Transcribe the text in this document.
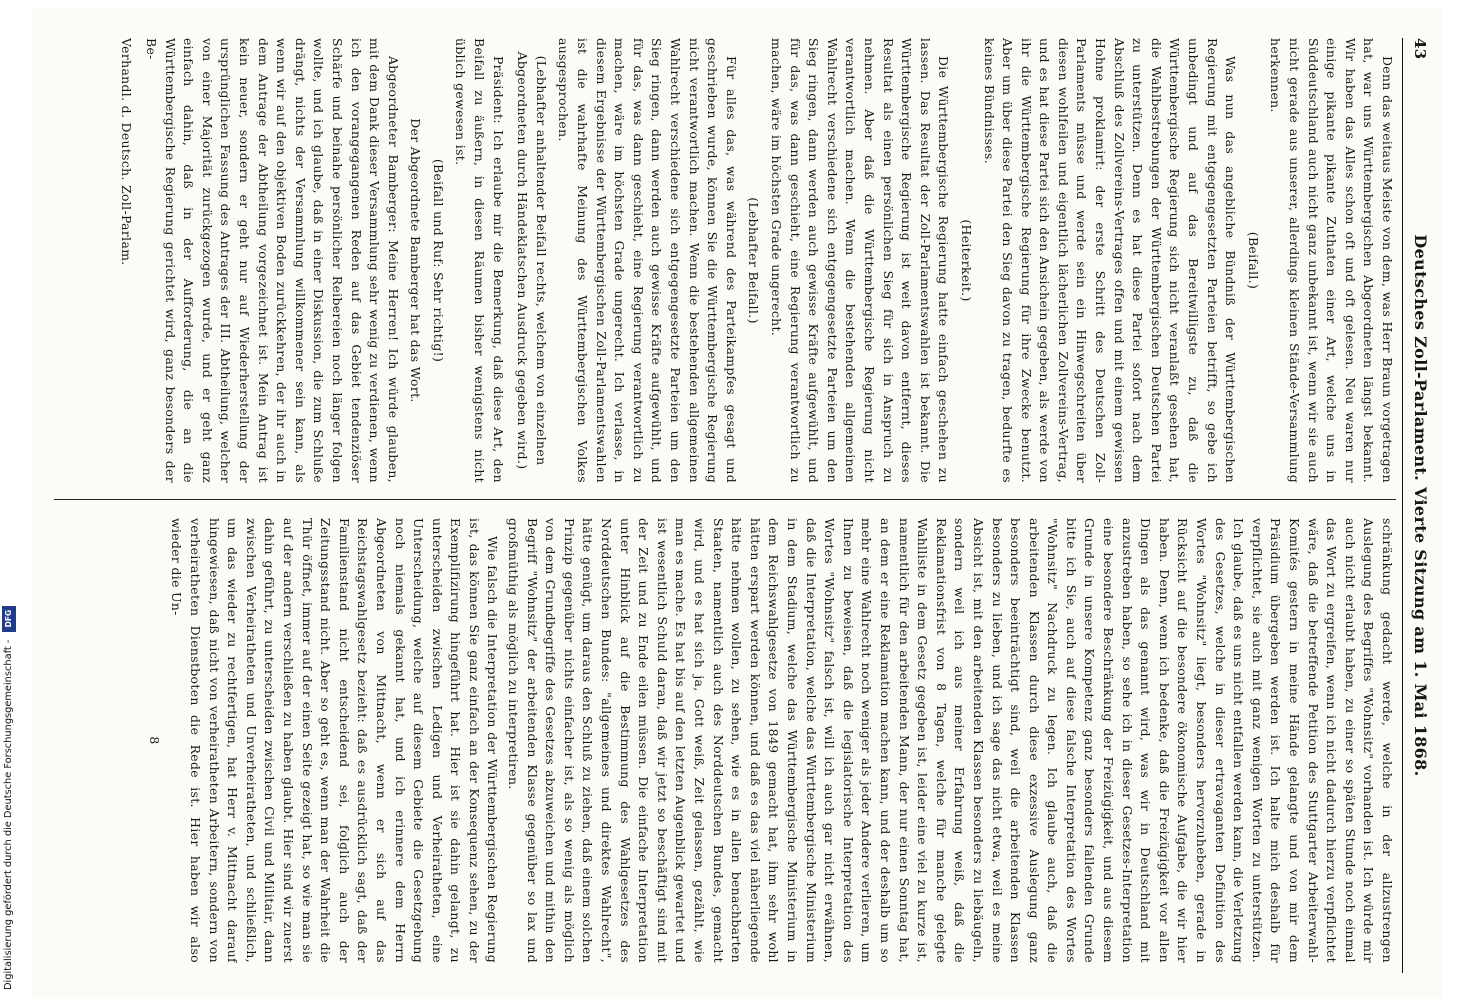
43
Deutsches Zoll-Parlament. Vierte Sitzung am 1. Mai 1868.

Denn das weitaus Meiste von dem, was Herr Braun vorgetragen hat, war uns Württembergischen Abgeordneten längst bekannt. Wir haben das Alles schon oft und oft gelesen. Neu waren nur einige pikante pikante Zuthaten einer Art, welche uns in Süddeutschland auch nicht ganz unbekannt ist, wenn wir sie auch nicht gerade aus unserer, allerdings kleinen Stände-Versammlung herkennen.

(Beifall.)

Was nun das angebliche Bündniß der Württembergischen Regierung mit entgegengesetzten Parteien betrifft, so gebe ich unbedingt und auf das Bereitwilligste zu, daß die Württembergische Regierung sich nicht veranlaßt gesehen hat, die Wahlbestrebungen der Württembergischen Deutschen Partei zu unterstützen. Denn es hat diese Partei sofort nach dem Abschluß des Zollvereins-Vertrages offen und mit einem gewissen Hohne proklamirt: der erste Schritt des Deutschen Zoll-Parlaments müsse und werde sein ein Hinwegschreiten über diesen wohlfeilen und eigentlich lächerlichen Zollvereins-Vertrag, und es hat diese Partei sich den Ansichein gegeben, als werde von ihr die Württembergische Regierung für ihre Zwecke benutzt. Aber um über diese Partei den Sieg davon zu tragen, bedurfte es keines Bündnisses.

(Heiterkeit.)

Die Württembergische Regierung hatte einfach geschehen zu lassen. Das Resultat der Zoll-Parlamentswahlen ist bekannt. Die Württembergische Regierung ist weit davon entfernt, dieses Resultat als einen persönlichen Sieg für sich in Anspruch zu nehmen. Aber daß die Württembergische Regierung nicht verantwortlich machen. Wenn die bestehenden allgemeinen Wahlrecht verschiedene sich entgegengesetzte Parteien um den Sieg ringen, dann werden auch gewisse Kräfte aufgewühlt, und für das, was dann geschieht, eine Regierung verantwortlich zu machen, wäre im höchsten Grade ungerecht.

(Lebhafter Beifall.)

Für alles das, was während des Parteikampfes gesagt und geschrieben wurde, können Sie die Württembergische Regierung nicht verantwortlich machen. Wenn die bestehenden allgemeinen Wahlrecht verschiedene sich entgegengesetzte Parteien um den Sieg ringen, dann werden auch gewisse Kräfte aufgewühlt, und für das, was dann geschieht, eine Regierung verantwortlich zu machen, wäre im höchsten Grade ungerecht. Ich verlasse, in diesem Ergebnisse der Württembergischen Zoll-Parlamentswahlen ist die wahrhafte Meinung des Württembergischen Volkes ausgesprochen.

(Lebhafter anhaltender Beifall rechts, welchem von einzelnen Abgeordneten durch Händeklatschen Ausdruck gegeben wird.)

Präsident: Ich erlaube mir die Bemerkung, daß diese Art, den Beifall zu äußern, in diesen Räumen bisher wenigstens nicht üblich gewesen ist.

(Beifall und Ruf: Sehr richtig!)

Der Abgeordnete Bamberger hat das Wort.

Abgeordneter Bamberger: Meine Herren! Ich würde glauben, mit dem Dank dieser Versammlung sehr wenig zu verdienen, wenn ich den vorangegangenen Reden auf das Gebiet tendenziöser Schärfe und beinahe persönlicher Reibereien noch länger folgen wollte, und ich glaube, daß in einer Diskussion, die zum Schluße drängt, nichts der Versammlung willkommener sein kann, als wenn wir auf den objektiven Boden zurückkehren, der ihr auch in dem Antrage der Abtheilung vorgezeichnet ist. Mein Antrag ist kein neuer, sondern er geht nur auf Wiederherstellung der ursprünglichen Fassung des Antrages der III. Abtheilung, welcher von einer Majorität zurückgezogen wurde, und er geht ganz einfach dahin, daß in der Aufforderung, die an die Württembergische Regierung gerichtet wird, ganz besonders der Be-

Verhandl. d. Deutsch. Zoll-Parlam.

schränkung gedacht werde, welche in der allzustrengen Auslegung des Begriffes "Wohnsitz" vorhanden ist. Ich würde mir auch nicht erlaubt haben, zu einer so späten Stunde noch einmal das Wort zu ergreifen, wenn ich nicht dadurch hierzu verpflichtet wäre, daß die betreffende Petition des Stuttgarter Arbeiterwahl-Komités gestern in meine Hände gelangte und von mir dem Präsidium übergeben werden ist. Ich halte mich deshalb für verpflichtet, sie auch mit ganz wenigen Worten zu unterstützen. Ich glaube, daß es uns nicht entfallen werden kann, die Verletzung des Gesetzes, welche in dieser ertravaganten Definition des Wortes "Wohnsitz" liegt, besonders hervorzuheben, gerade in Rücksicht auf die besondere ökonomische Aufgabe, die wir hier haben. Denn, wenn ich bedenke, daß die Freizügigkeit vor allen Dingen als das genannt wird, was wir in Deutschland mit anzustreben haben, so sehe ich in dieser Gesetzes-Interpretation eine besondere Beschränkung der Freizügigkeit, und aus diesem Grunde in unsere Kompetenz ganz besonders fallenden Grunde bitte ich Sie, auch auf diese falsche Interpretation des Wortes "Wohnsitz" Nachdruck zu legen. Ich glaube auch, daß die arbeitenden Klassen durch diese exzessive Auslegung ganz besonders beeinträchtigt sind, weil die arbeitenden Klassen besonders zu lieben, und ich sage das nicht etwa, weil es meine Absicht ist, mit den arbeitenden Klassen besonders zu liebäugeln, sondern weil ich aus meiner Erfahrung weiß, daß die Reklamationsfrist von 8 Tagen, welche für manche gelegte Wahlliste in dem Gesetz gegeben ist, leider eine viel zu kurze ist, namentlich für den arbeitenden Mann, der nur einen Sonntag hat, an dem er eine Reklamation machen kann, und der deshalb um so mehr eine Wahlrecht noch weniger als jeder Andere verlieren, um Ihnen zu beweisen, daß die legislatorische Interpretation des Wortes "Wohnsitz" falsch ist, will ich auch gar nicht erwähnen, daß die Interpretation, welche das Württembergische Ministerium in dem Stadium, welche das Württembergische Ministerium in dem Reichswahlgesetze von 1849 gemacht hat, ihm sehr wohl hätten erspart werden können, und daß es das viel näherliegende hätte nehmen wollen, zu sehen, wie es in allen benachbarten Staaten, namentlich auch des Norddeutschen Bundes, gemacht wird, und es hat sich ja, Gott weiß, Zeit gelassen, gezählt, wie man es mache. Es hat bis auf den letzten Augenblick gewartet und ist wesentlich Schuld daran, daß wir jetzt so beschäftigt sind mit der Zeit und zu Ende eilen müssen. Die einfache Interpretation unter Hinblick auf die Bestimmung des Wahlgesetzes des Norddeutschen Bundes: "allgemeines und direktes Wahlrecht", hätte genügt, um daraus den Schluß zu ziehen, daß einem solchen Prinzip gegenüber nichts einfacher ist, als so wenig als möglich von dem Grundbegriffe des Gesetzes abzuweichen und mithin den Begriff "Wohnsitz" der arbeitenden Klasse gegenüber so lax und großmüthig als möglich zu interpretiren.

Wie falsch die Interpretation der Württembergischen Regierung ist, das können Sie ganz einfach an der Konsequenz sehen, zu der Exemplifizirung hingeführt hat. Hier ist sie dahin gelangt, zu unterscheiden zwischen Ledigen und Verheiratheten, eine Unterscheidung, welche auf diesem Gebiete die Gesetzgebung noch niemals gekannt hat, und ich erinnere dem Herrn Abgeordneten von Mittnacht, wenn er sich auf das Reichstagswahlgesetz bezieht: daß es ausdrücklich sagt, daß der Familienstand nicht entscheidend sei, folglich auch der Zeitungsstand nicht. Aber so geht es, wenn man der Wahrheit die Thür öffnet, immer auf der einen Seite gezeigt hat, so wie man sie auf der andern verschließen zu haben glaubt. Hier sind wir zuerst dahin geführt, zu unterscheiden zwischen Civil und Militair, dann zwischen Verheiratheten und Unverheiratheten, und schließlich, um das wieder zu rechtfertigen, hat Herr v. Mittnacht darauf hingewiesen, daß nicht von verheiratheten Arbeitern, sondern von verheiratheten Dienstboten die Rede ist. Hier haben wir also wieder die Un-

8

Digitalisierung gefördert durch die Deutsche Forschungsgemeinschaft -
DFG
